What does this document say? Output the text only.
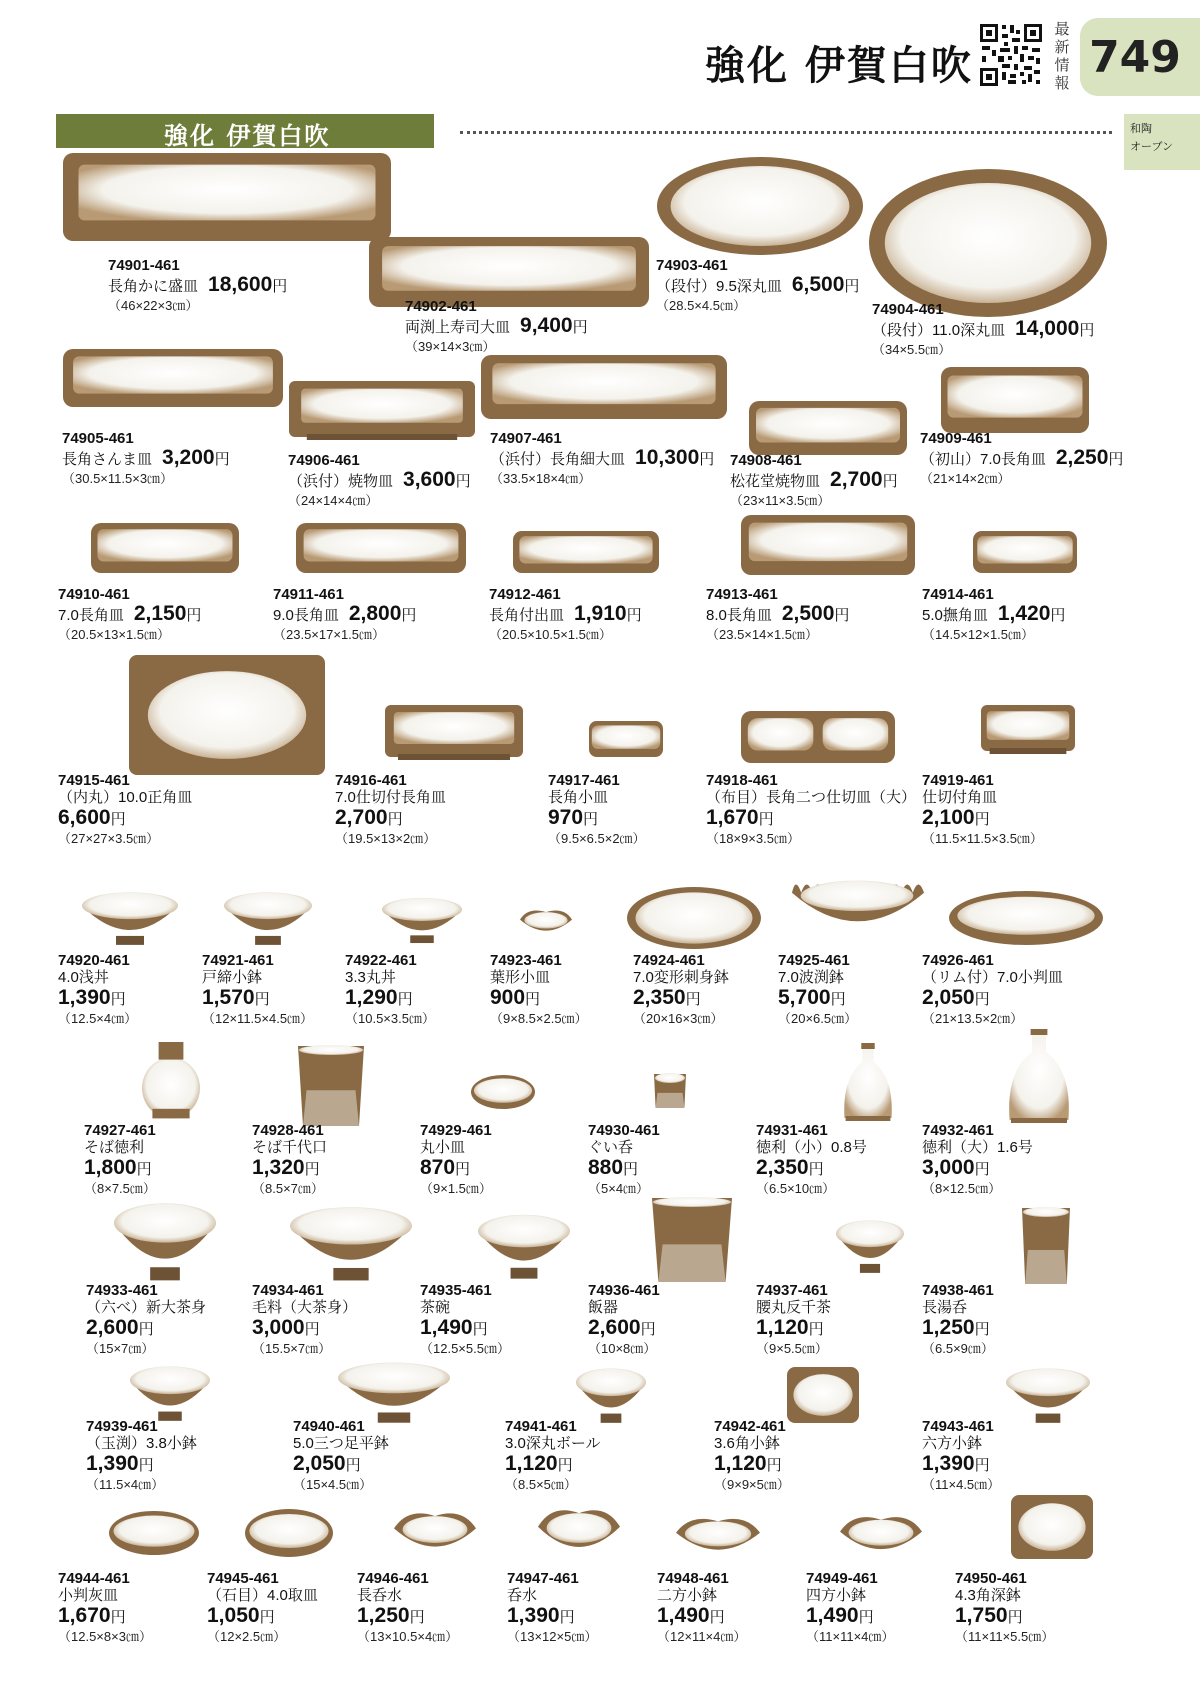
強化 伊賀白吹
最
新
情
報
749
強化 伊賀白吹	和陶
オーブン
74901-461
長角かに盛皿 18,600円
（46×22×3㎝）	74902-461
両渕上寿司大皿 9,400円
（39×14×3㎝）
74903-461
（段付）9.5深丸皿 6,500円
（28.5×4.5㎝）	74904-461
（段付）11.0深丸皿 14,000円
（34×5.5㎝）
74905-461
長角さんま皿 3,200円
（30.5×11.5×3㎝）
74906-461
（浜付）焼物皿 3,600円
（24×14×4㎝）
74907-461
（浜付）長角細大皿 10,300円
（33.5×18×4㎝）
74908-461
松花堂焼物皿 2,700円
（23×11×3.5㎝）
74909-461
（初山）7.0長角皿 2,250円
（21×14×2㎝）
74910-461
7.0長角皿 2,150円
（20.5×13×1.5㎝）
74911-461
9.0長角皿 2,800円
（23.5×17×1.5㎝）
74912-461
長角付出皿 1,910円
（20.5×10.5×1.5㎝）
74913-461
8.0長角皿 2,500円
（23.5×14×1.5㎝）
74914-461
5.0撫角皿 1,420円
（14.5×12×1.5㎝）
74915-461
（内丸）10.0正角皿
6,600円
（27×27×3.5㎝）
74916-461
7.0仕切付長角皿
2,700円
（19.5×13×2㎝）
74917-461
長角小皿
970円
（9.5×6.5×2㎝）
74918-461
（布目）長角二つ仕切皿（大）
1,670円
（18×9×3.5㎝）
74919-461
仕切付角皿
2,100円
（11.5×11.5×3.5㎝）
74920-461
4.0浅丼
1,390円
（12.5×4㎝）
74921-461
戸締小鉢
1,570円
（12×11.5×4.5㎝）
74922-461
3.3丸丼
1,290円
（10.5×3.5㎝）
74923-461
葉形小皿
900円
（9×8.5×2.5㎝）
74924-461
7.0変形刺身鉢
2,350円
（20×16×3㎝）
74925-461
7.0波渕鉢
5,700円
（20×6.5㎝）
74926-461
（リム付）7.0小判皿
2,050円
（21×13.5×2㎝）
74927-461
そば徳利
1,800円
（8×7.5㎝）
74928-461
そば千代口
1,320円
（8.5×7㎝）
74929-461
丸小皿
870円
（9×1.5㎝）
74930-461
ぐい呑
880円
（5×4㎝）
74931-461
徳利（小）0.8号
2,350円
（6.5×10㎝）
74932-461
徳利（大）1.6号
3,000円
（8×12.5㎝）
74933-461
（六べ）新大茶身
2,600円
（15×7㎝）
74934-461
毛料（大茶身）
3,000円
（15.5×7㎝）
74935-461
茶碗
1,490円
（12.5×5.5㎝）
74936-461
飯器
2,600円
（10×8㎝）
74937-461
腰丸反千茶
1,120円
（9×5.5㎝）
74938-461
長湯呑
1,250円
（6.5×9㎝）
74939-461
（玉渕）3.8小鉢
1,390円
（11.5×4㎝）
74940-461
5.0三つ足平鉢
2,050円
（15×4.5㎝）
74941-461
3.0深丸ボール
1,120円
（8.5×5㎝）
74942-461
3.6角小鉢
1,120円
（9×9×5㎝）
74943-461
六方小鉢
1,390円
（11×4.5㎝）
74944-461
小判灰皿
1,670円
（12.5×8×3㎝）
74945-461
（石目）4.0取皿
1,050円
（12×2.5㎝）
74946-461
長呑水
1,250円
（13×10.5×4㎝）
74947-461
呑水
1,390円
（13×12×5㎝）
74948-461
二方小鉢
1,490円
（12×11×4㎝）
74949-461
四方小鉢
1,490円
（11×11×4㎝）
74950-461
4.3角深鉢
1,750円
（11×11×5.5㎝）
